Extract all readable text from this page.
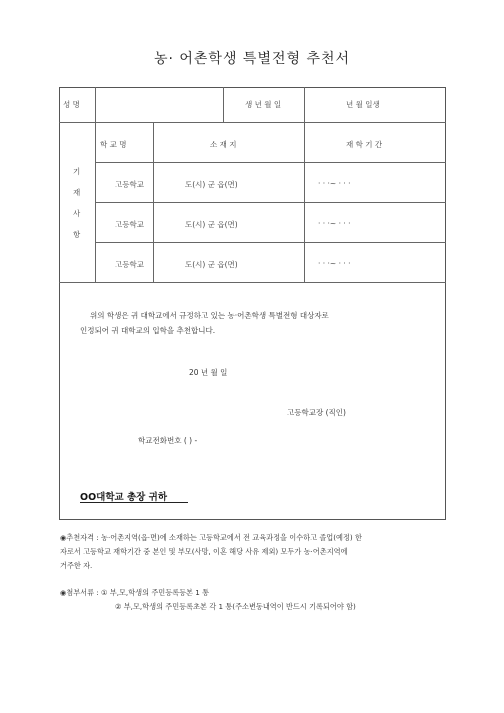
농· 어촌학생 특별전형 추천서
성 명	생 년 월 일	년 월 일생
기
재
사
항
학 교 명	소 재 지	재 학 기 간
고등학교	도(시) 군 읍(면)	· · ·~ · · ·
고등학교	도(시) 군 읍(면)	· · ·~ · · ·
고등학교	도(시) 군 읍(면)	· · ·~ · · ·
위의 학생은 귀 대학교에서 규정하고 있는 농·어촌학생 특별전형 대상자로
인정되어 귀 대학교의 입학을 추천합니다.
20 년 월 일
고등학교장 (직인)
학교전화번호 ( ) -
OO대학교 총장 귀하
◉추천자격 : 농·어촌지역(읍·면)에 소재하는 고등학교에서 전 교육과정을 이수하고 졸업(예정) 한
자로서 고등학교 재학기간 중 본인 및 부모(사망, 이혼 해당 사유 제외) 모두가 농·어촌지역에
거주한 자.
◉첨부서류 : ① 부,모,학생의 주민등록등본 1 통
② 부,모,학생의 주민등록초본 각 1 통(주소변동내역이 반드시 기록되어야 함)
